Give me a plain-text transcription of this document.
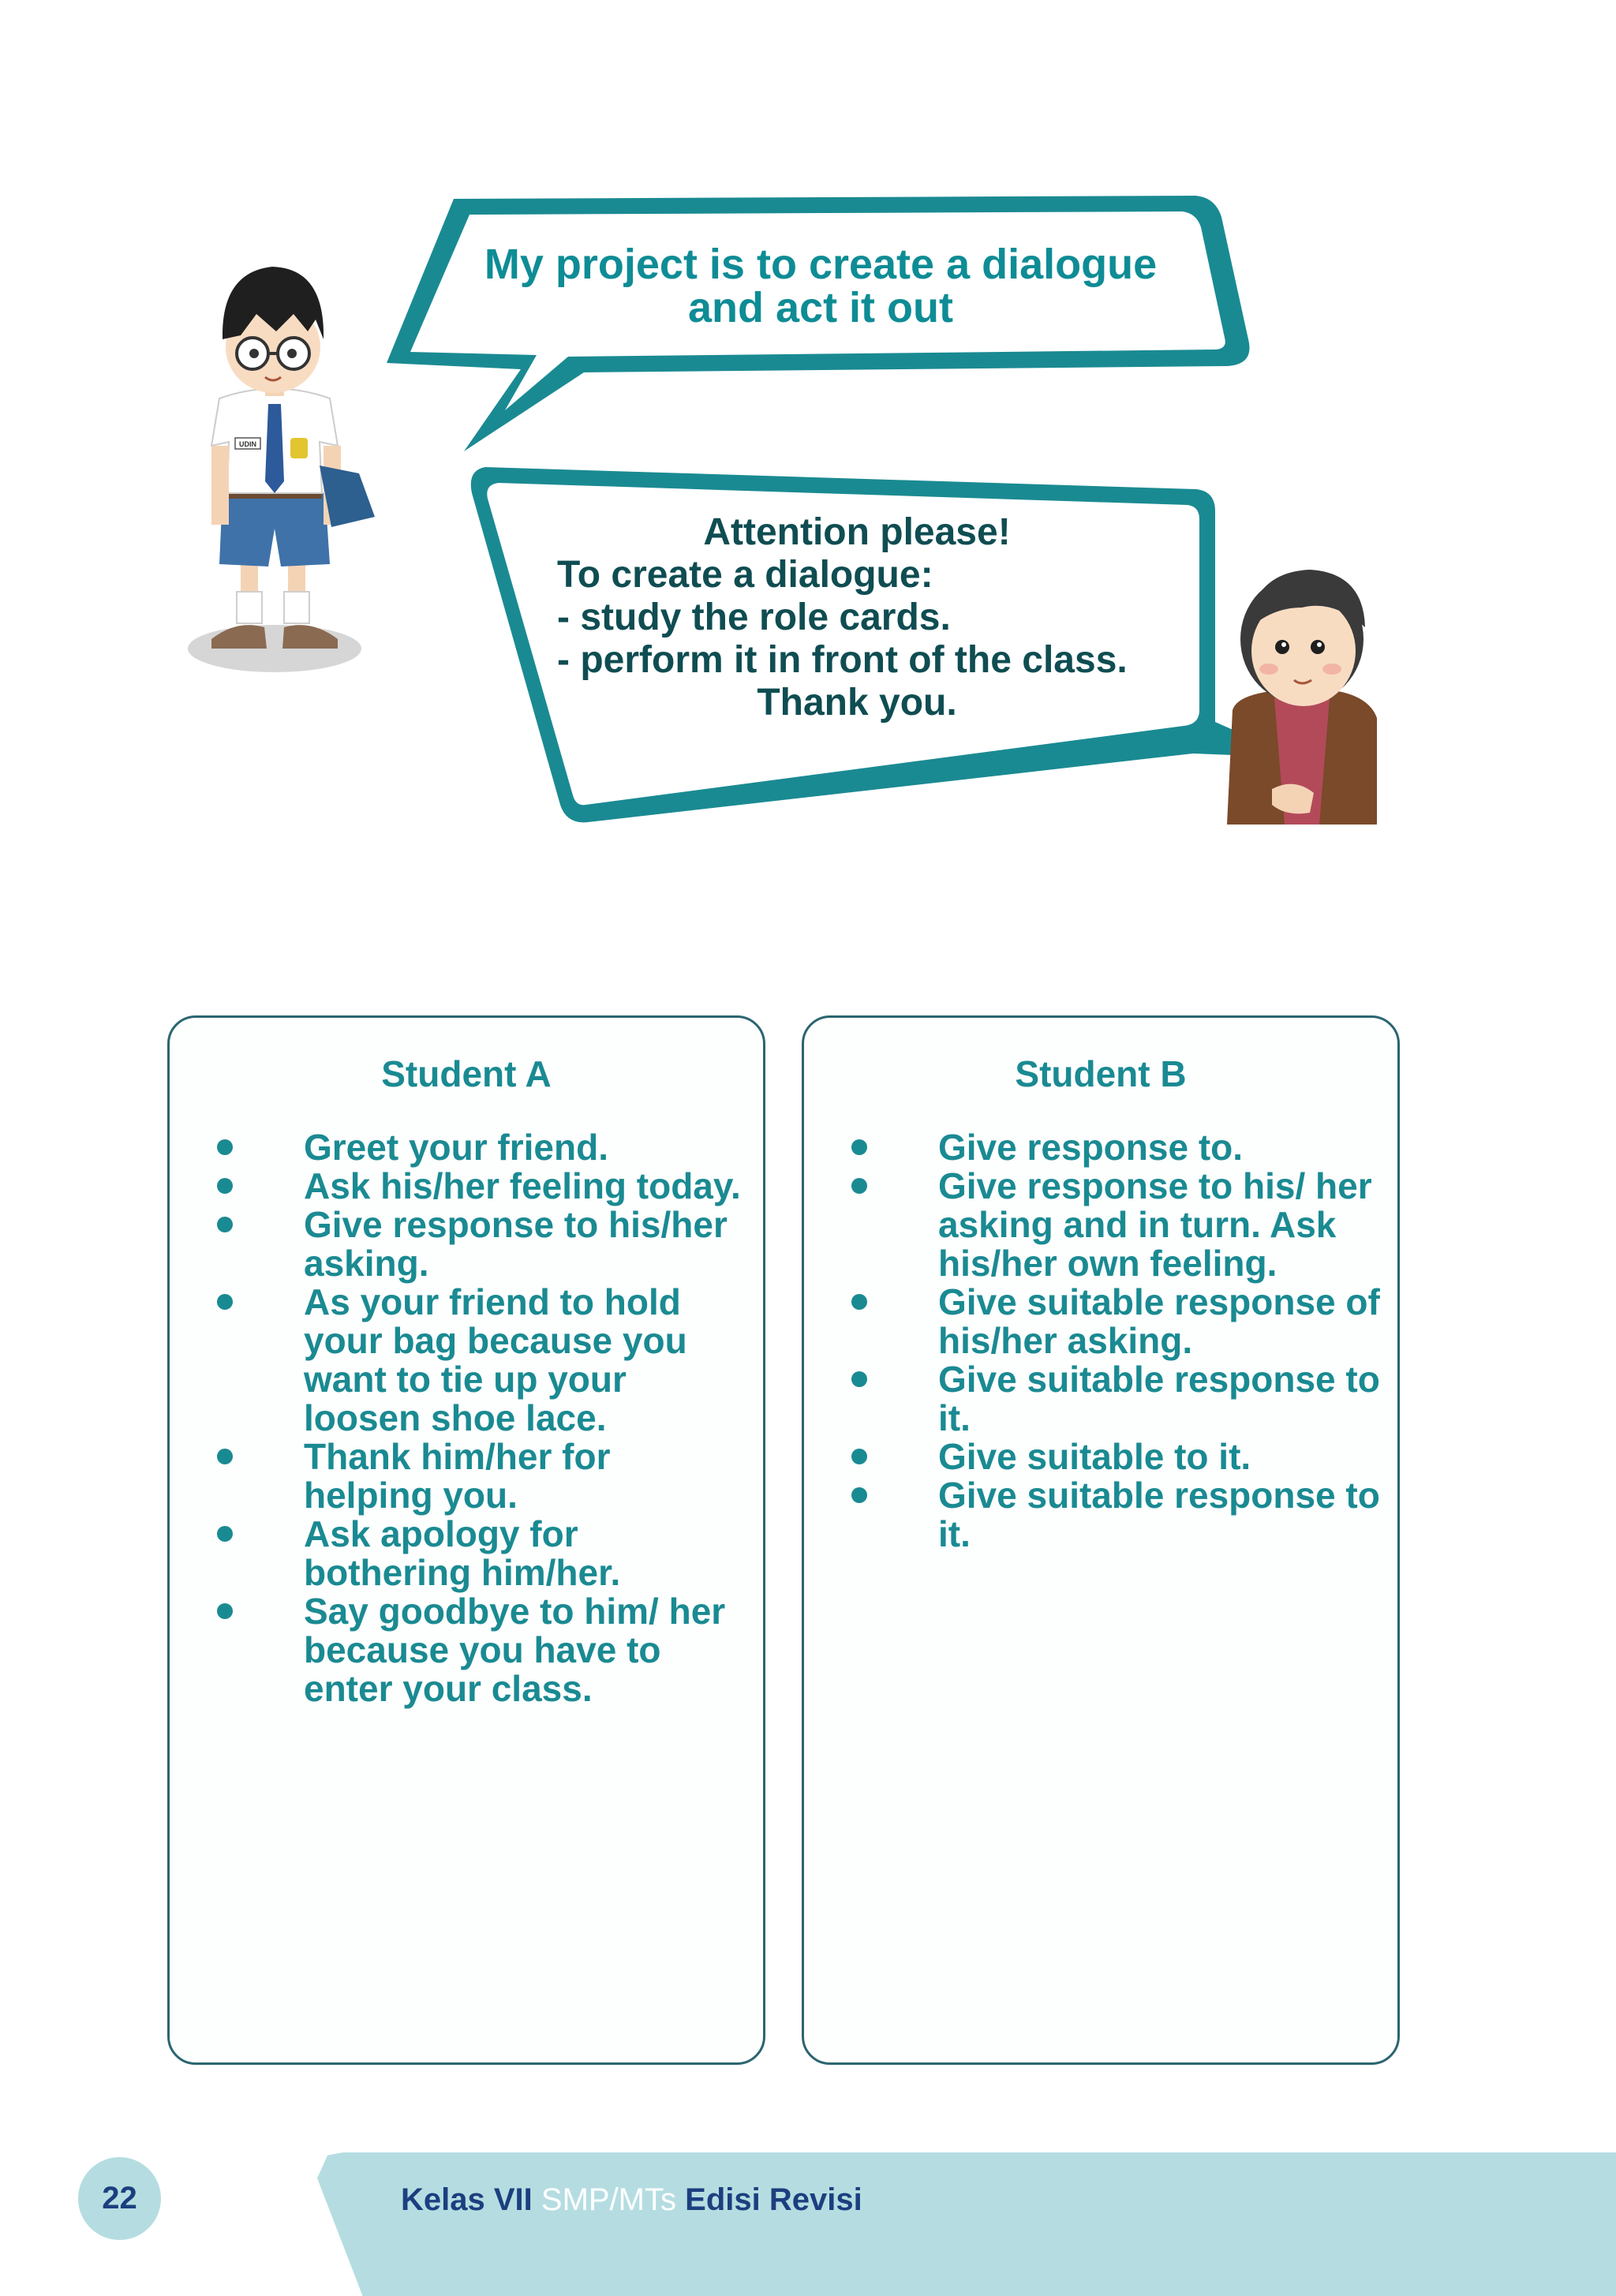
UDIN
My project is to create a dialogue
and act it out
Attention please!
To create a dialogue:
- study the role cards.
- perform it in front of the class.
Thank you.
Student A
Greet your friend.
Ask his/her feeling today.
Give response to his/her asking.
As your friend to hold your bag because you want to tie up your loosen shoe lace.
Thank him/her for helping you.
Ask apology for bothering him/her.
Say goodbye to him/ her because you have to enter your class.
Student B
Give response to.
Give response to his/ her asking and in turn. Ask his/her own feeling.
Give suitable response of his/her asking.
Give suitable response to it.
Give suitable to it.
Give suitable response to it.
22	Kelas VII SMP/MTs Edisi Revisi
